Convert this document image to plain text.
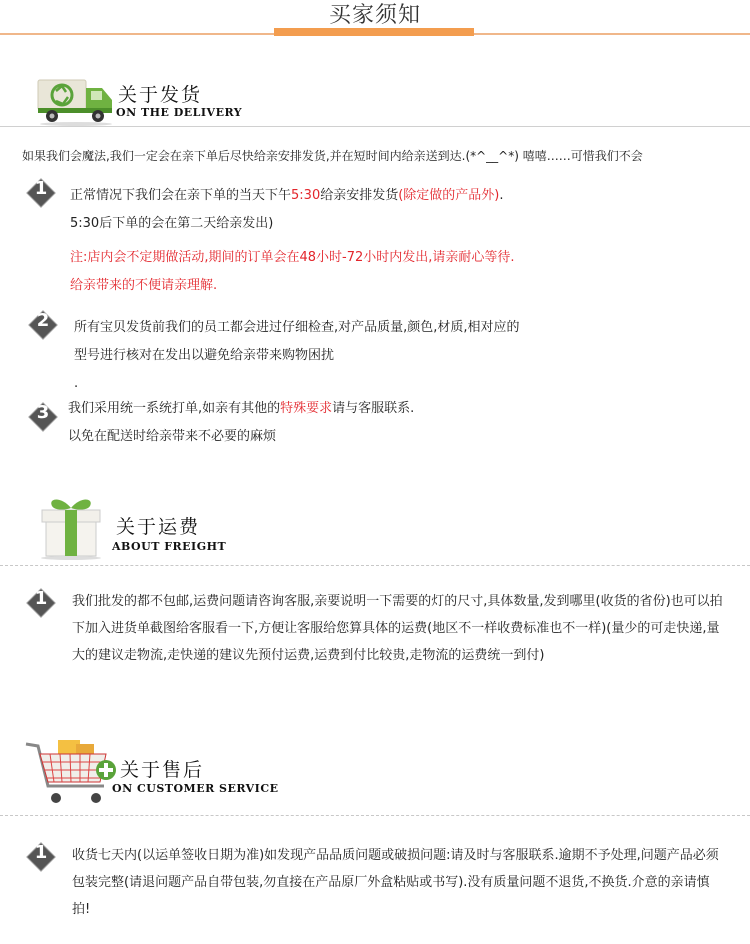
买家须知
关于发货
ON THE DELIVERY
如果我们会魔法,我们一定会在亲下单后尽快给亲安排发货,并在短时间内给亲送到达.(*^__^*) 嘻嘻……可惜我们不会
1	正常情况下我们会在亲下单的当天下午5:30给亲安排发货(除定做的产品外).
5:30后下单的会在第二天给亲发出)
注:店内会不定期做活动,期间的订单会在48小时-72小时内发出,请亲耐心等待.
给亲带来的不便请亲理解.
2	所有宝贝发货前我们的员工都会进过仔细检查,对产品质量,颜色,材质,相对应的
型号进行核对在发出以避免给亲带来购物困扰
.
3	我们采用统一系统打单,如亲有其他的特殊要求请与客服联系.
以免在配送时给亲带来不必要的麻烦
关于运费
ABOUT FREIGHT
1	我们批发的都不包邮,运费问题请咨询客服,亲要说明一下需要的灯的尺寸,具体数量,发到哪里(收货的省份)也可以拍下加入进货单截图给客服看一下,方便让客服给您算具体的运费(地区不一样收费标准也不一样)(量少的可走快递,量大的建议走物流,走快递的建议先预付运费,运费到付比较贵,走物流的运费统一到付)
关于售后
ON CUSTOMER SERVICE
1	收货七天内(以运单签收日期为准)如发现产品品质问题或破损问题:请及时与客服联系.逾期不予处理,问题产品必须包装完整(请退问题产品自带包装,勿直接在产品原厂外盒粘贴或书写).没有质量问题不退货,不换货.介意的亲请慎拍!
